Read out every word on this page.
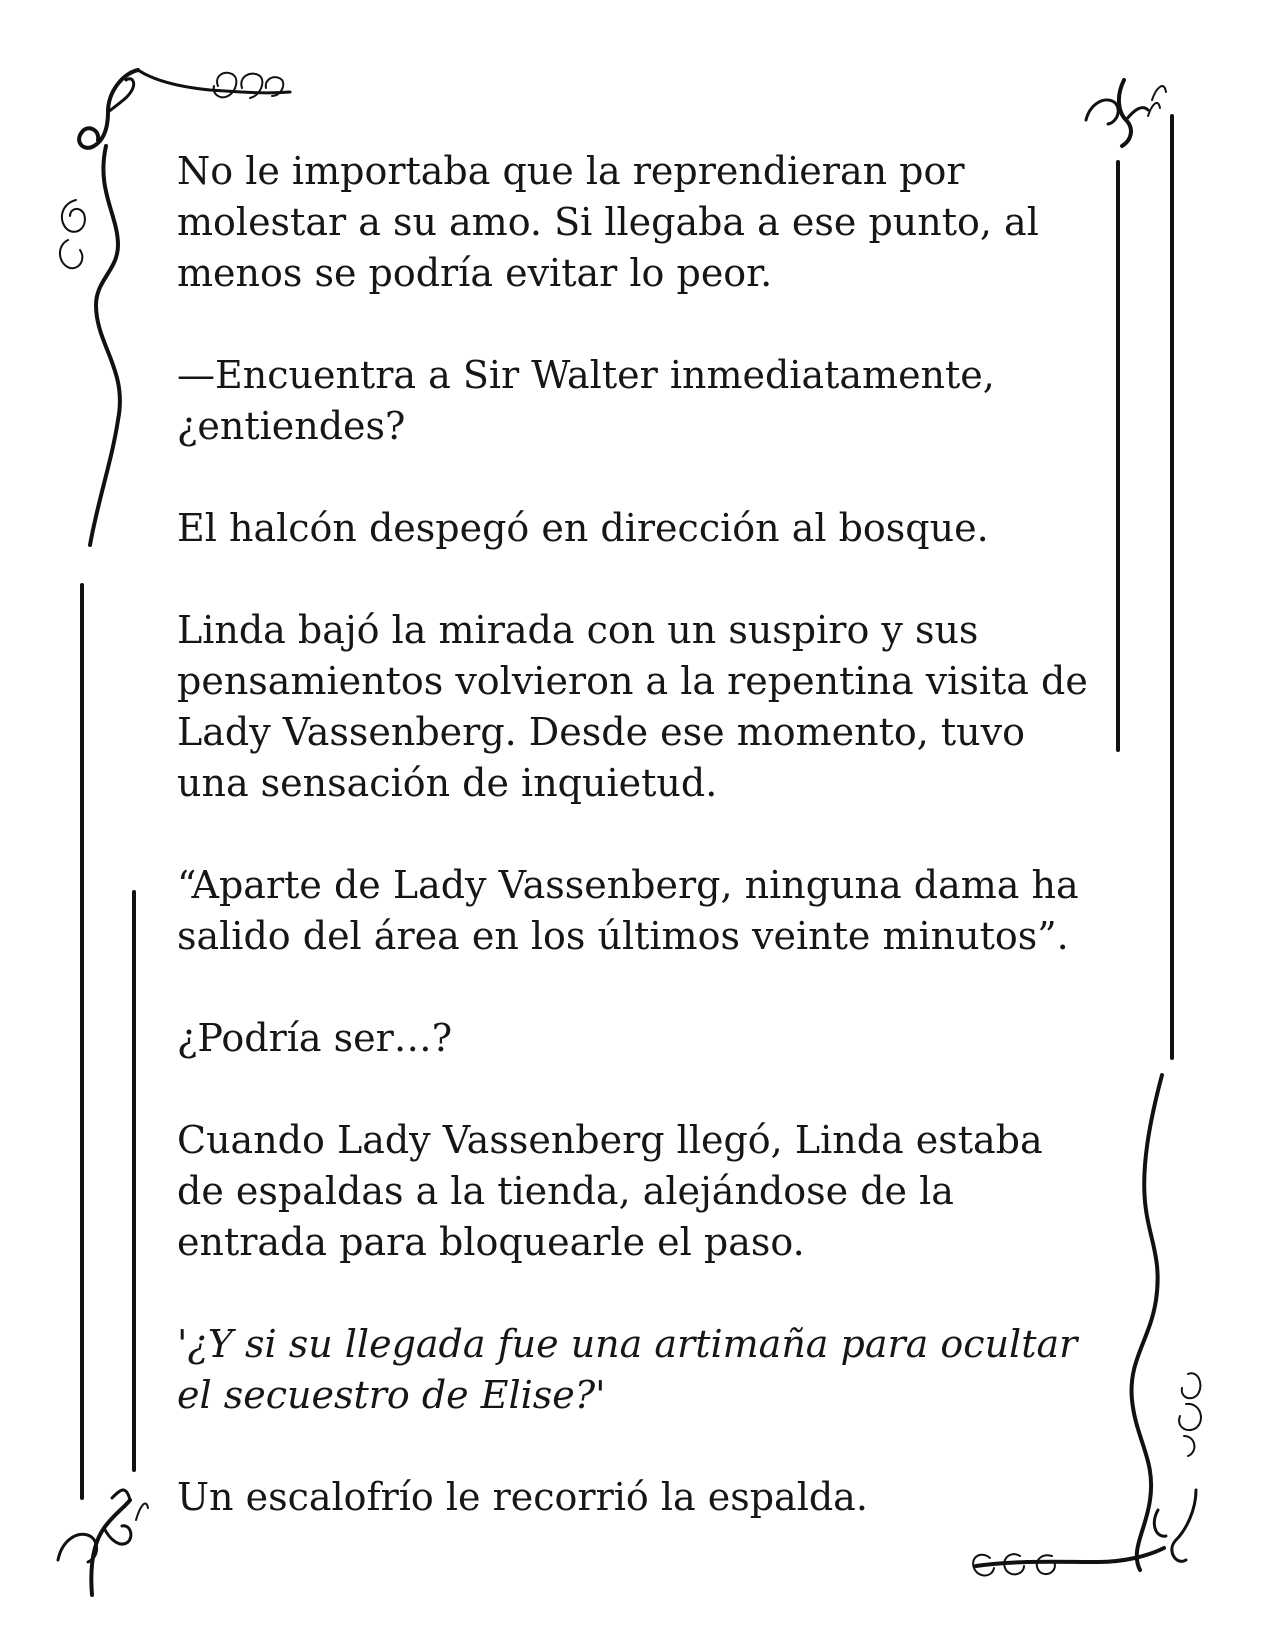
No le importaba que la reprendieran por
molestar a su amo. Si llegaba a ese punto, al
menos se podría evitar lo peor.

—Encuentra a Sir Walter inmediatamente,
¿entiendes?

El halcón despegó en dirección al bosque.

Linda bajó la mirada con un suspiro y sus
pensamientos volvieron a la repentina visita de
Lady Vassenberg. Desde ese momento, tuvo
una sensación de inquietud.

“Aparte de Lady Vassenberg, ninguna dama ha
salido del área en los últimos veinte minutos”.

¿Podría ser…?

Cuando Lady Vassenberg llegó, Linda estaba
de espaldas a la tienda, alejándose de la
entrada para bloquearle el paso.

'¿Y si su llegada fue una artimaña para ocultar
el secuestro de Elise?'

Un escalofrío le recorrió la espalda.
